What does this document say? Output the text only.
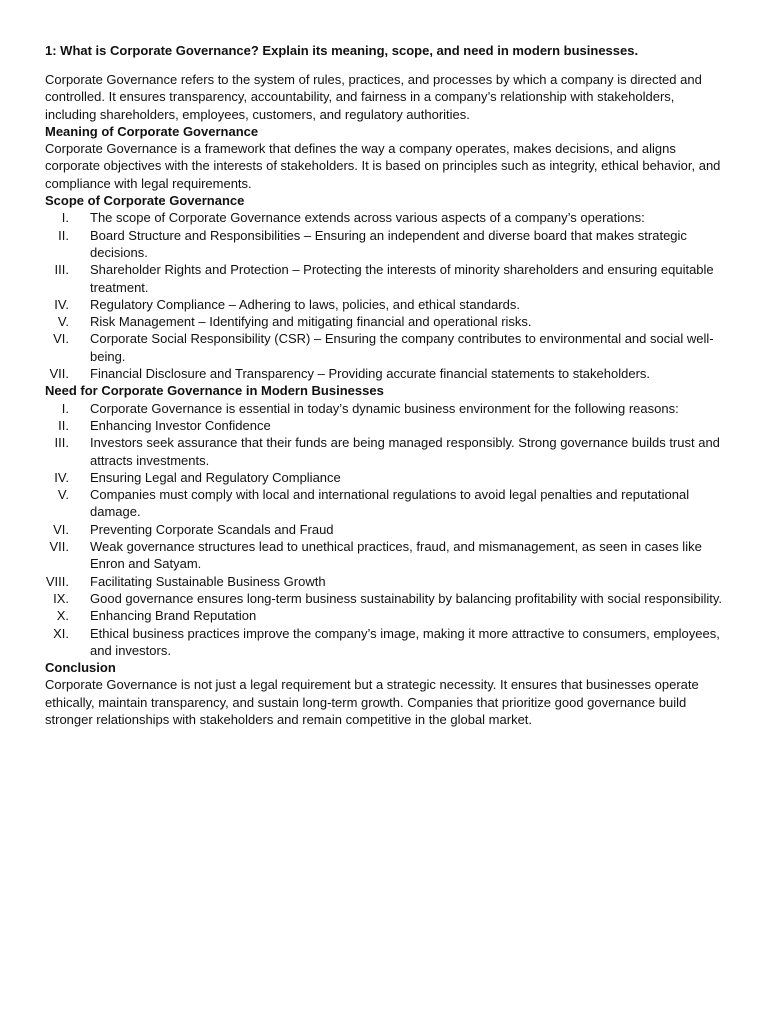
1: What is Corporate Governance? Explain its meaning, scope, and need in modern businesses.

Corporate Governance refers to the system of rules, practices, and processes by which a company is directed and controlled. It ensures transparency, accountability, and fairness in a company’s relationship with stakeholders, including shareholders, employees, customers, and regulatory authorities.

Meaning of Corporate Governance

Corporate Governance is a framework that defines the way a company operates, makes decisions, and aligns corporate objectives with the interests of stakeholders. It is based on principles such as integrity, ethical behavior, and compliance with legal requirements.

Scope of Corporate Governance

I. The scope of Corporate Governance extends across various aspects of a company’s operations:
II. Board Structure and Responsibilities – Ensuring an independent and diverse board that makes strategic decisions.
III. Shareholder Rights and Protection – Protecting the interests of minority shareholders and ensuring equitable treatment.
IV. Regulatory Compliance – Adhering to laws, policies, and ethical standards.
V. Risk Management – Identifying and mitigating financial and operational risks.
VI. Corporate Social Responsibility (CSR) – Ensuring the company contributes to environmental and social well-being.
VII. Financial Disclosure and Transparency – Providing accurate financial statements to stakeholders.

Need for Corporate Governance in Modern Businesses

I. Corporate Governance is essential in today’s dynamic business environment for the following reasons:
II. Enhancing Investor Confidence
III. Investors seek assurance that their funds are being managed responsibly. Strong governance builds trust and attracts investments.
IV. Ensuring Legal and Regulatory Compliance
V. Companies must comply with local and international regulations to avoid legal penalties and reputational damage.
VI. Preventing Corporate Scandals and Fraud
VII. Weak governance structures lead to unethical practices, fraud, and mismanagement, as seen in cases like Enron and Satyam.
VIII. Facilitating Sustainable Business Growth
IX. Good governance ensures long-term business sustainability by balancing profitability with social responsibility.
X. Enhancing Brand Reputation
XI. Ethical business practices improve the company’s image, making it more attractive to consumers, employees, and investors.

Conclusion

Corporate Governance is not just a legal requirement but a strategic necessity. It ensures that businesses operate ethically, maintain transparency, and sustain long-term growth. Companies that prioritize good governance build stronger relationships with stakeholders and remain competitive in the global market.
